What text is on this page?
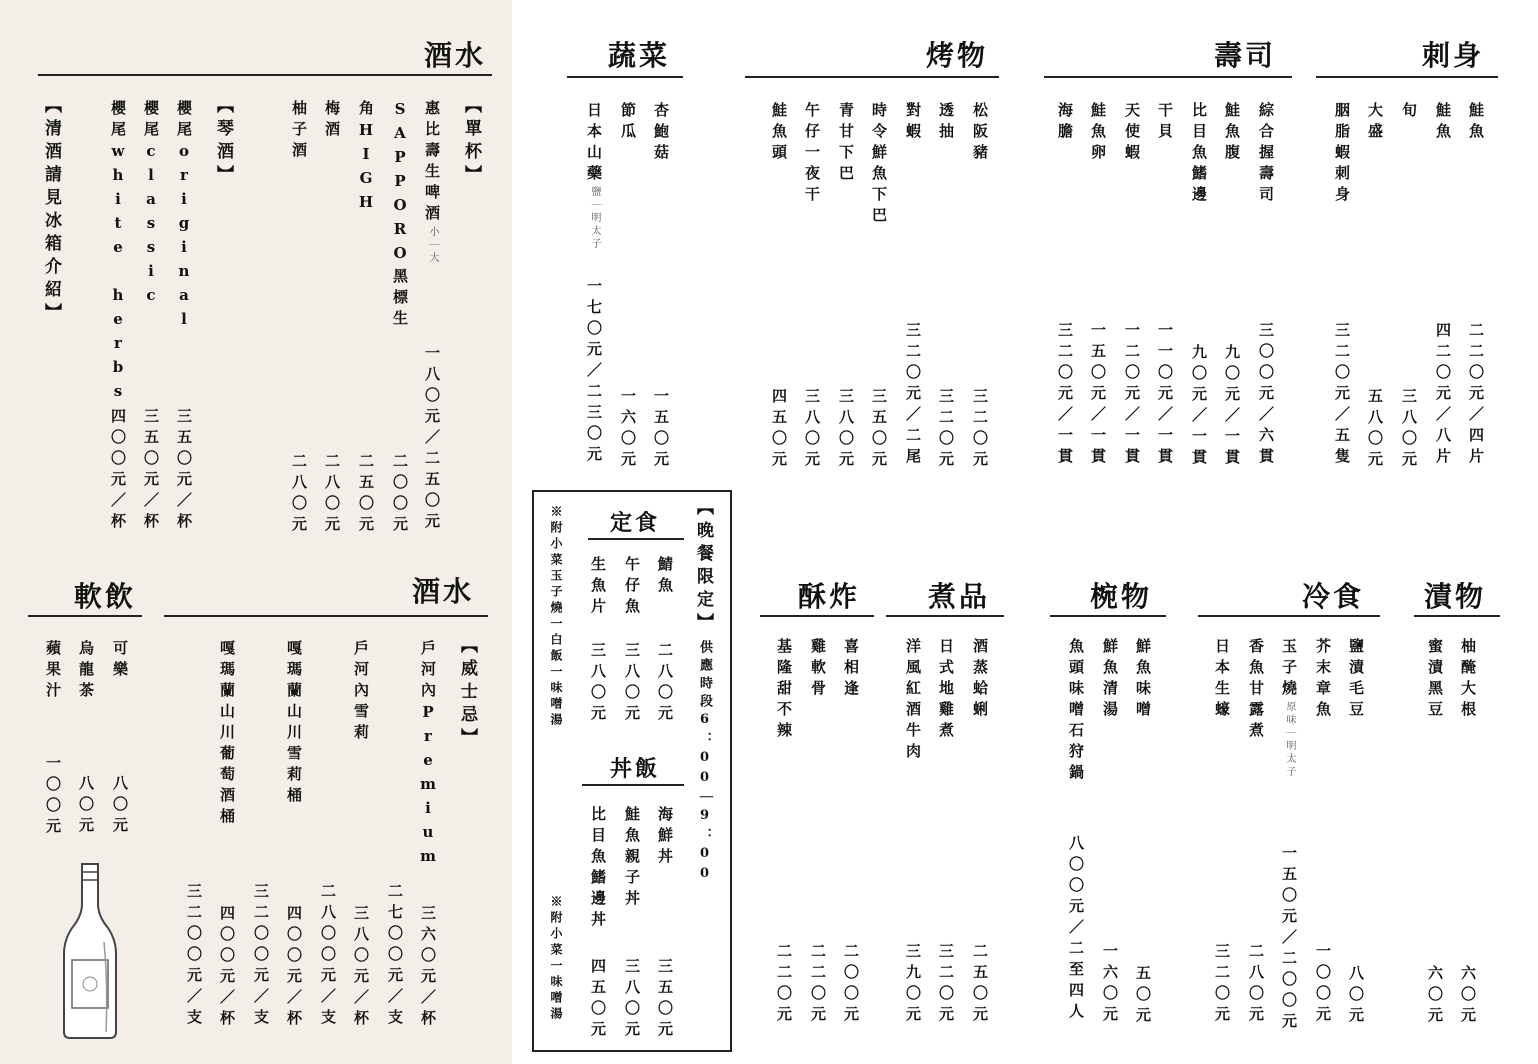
酒水
【單杯】
惠比壽生啤酒小｜大
一八〇元／二五〇元
SAPPORO黑標生
二〇〇元
角HIGH
二五〇元
梅酒
二八〇元
柚子酒
二八〇元
【琴酒】
櫻尾original
三五〇元／杯
櫻尾classic
三五〇元／杯
櫻尾white herbs
四〇〇元／杯
【清酒請見冰箱介紹】
軟飲
可樂
八〇元
烏龍茶
八〇元
蘋果汁
一〇〇元
酒水
【威士忌】
戶河內Premium
三六〇元／杯
二七〇〇元／支
戶河內雪莉
三八〇元／杯
二八〇〇元／支
嘎瑪蘭山川雪莉桶
四〇〇元／杯
三二〇〇元／支
嘎瑪蘭山川葡萄酒桶
四〇〇元／杯
三二〇〇元／支
刺身
鮭魚
二二〇元／四片
鮭魚
四二〇元／八片
旬
三八〇元
大盛
五八〇元
胭脂蝦刺身
三二〇元／五隻
壽司
綜合握壽司
三〇〇元／六貫
鮭魚腹
九〇元／一貫
比目魚鰭邊
九〇元／一貫
干貝
一一〇元／一貫
天使蝦
一二〇元／一貫
鮭魚卵
一五〇元／一貫
海膽
三二〇元／一貫
烤物
松阪豬
三二〇元
透抽
三二〇元
對蝦
三二〇元／二尾
時令鮮魚下巴
三五〇元
青甘下巴
三八〇元
午仔一夜干
三八〇元
鮭魚頭
四五〇元
蔬菜
杏鮑菇
一五〇元
節瓜
一六〇元
日本山藥鹽｜明太子
一七〇元／二三〇元
【晚餐限定】
供應時段6：00｜9：00
定食
鯖魚
二八〇元
午仔魚
三八〇元
生魚片
三八〇元
※附小菜玉子燒一白飯一味噌湯
丼飯
海鮮丼
三五〇元
鮭魚親子丼
三八〇元
比目魚鰭邊丼
四五〇元
※附小菜一味噌湯
漬物
柚醃大根
六〇元
蜜漬黑豆
六〇元
冷食
鹽漬毛豆
八〇元
芥末章魚
一〇〇元
玉子燒原味｜明太子
一五〇元／二〇〇元
香魚甘露煮
二八〇元
日本生蠔
三二〇元
椀物
鮮魚味噌
五〇元
鮮魚清湯
一六〇元
魚頭味噌石狩鍋
八〇〇元／二至四人
煮品
酒蒸蛤蜊
二五〇元
日式地雞煮
三二〇元
洋風紅酒牛肉
三九〇元
酥炸
喜相逢
二〇〇元
雞軟骨
二二〇元
基隆甜不辣
二二〇元
